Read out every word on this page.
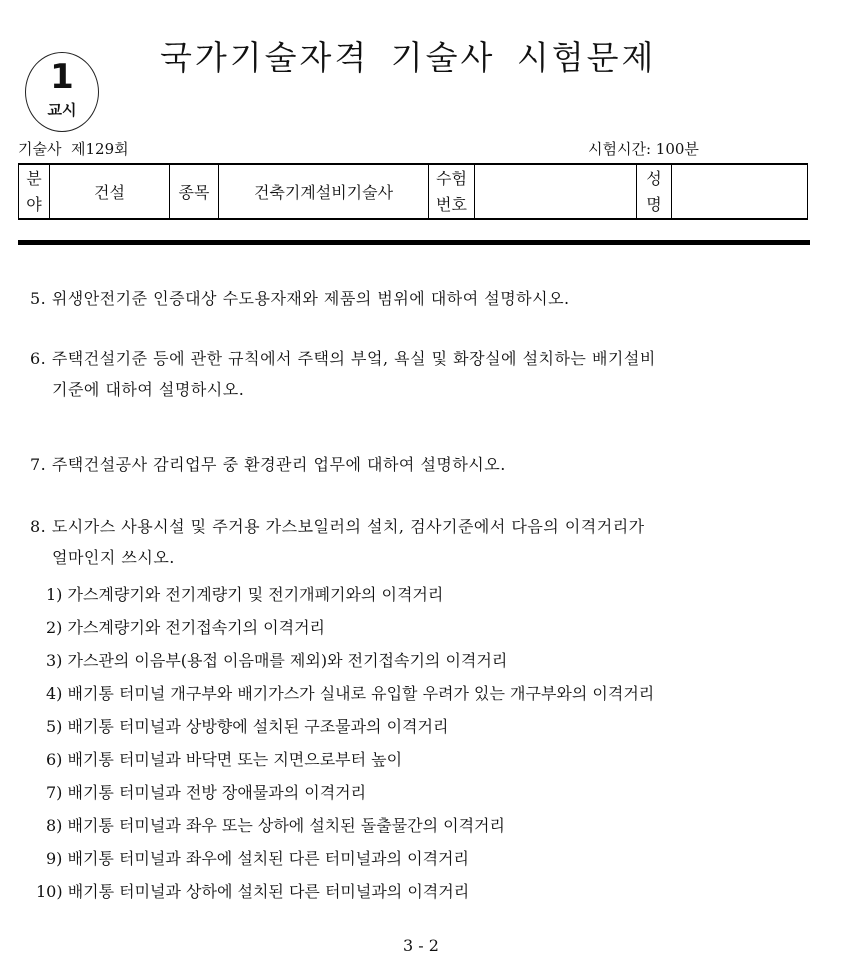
1
교시
국가기술자격 기술사 시험문제
기술사  제129회	시험시간: 100분
분 야	건설	종목	건축기계설비기술사	수험 번호		성 명	
5. 위생안전기준 인증대상 수도용자재와 제품의 범위에 대하여 설명하시오.
6. 주택건설기준 등에 관한 규칙에서 주택의 부엌, 욕실 및 화장실에 설치하는 배기설비
기준에 대하여 설명하시오.
7. 주택건설공사 감리업무 중 환경관리 업무에 대하여 설명하시오.
8. 도시가스 사용시설 및 주거용 가스보일러의 설치, 검사기준에서 다음의 이격거리가
얼마인지 쓰시오.
1) 가스계량기와 전기계량기 및 전기개폐기와의 이격거리
2) 가스계량기와 전기접속기의 이격거리
3) 가스관의 이음부(용접 이음매를 제외)와 전기접속기의 이격거리
4) 배기통 터미널 개구부와 배기가스가 실내로 유입할 우려가 있는 개구부와의 이격거리
5) 배기통 터미널과 상방향에 설치된 구조물과의 이격거리
6) 배기통 터미널과 바닥면 또는 지면으로부터 높이
7) 배기통 터미널과 전방 장애물과의 이격거리
8) 배기통 터미널과 좌우 또는 상하에 설치된 돌출물간의 이격거리
9) 배기통 터미널과 좌우에 설치된 다른 터미널과의 이격거리
10) 배기통 터미널과 상하에 설치된 다른 터미널과의 이격거리
3 - 2
